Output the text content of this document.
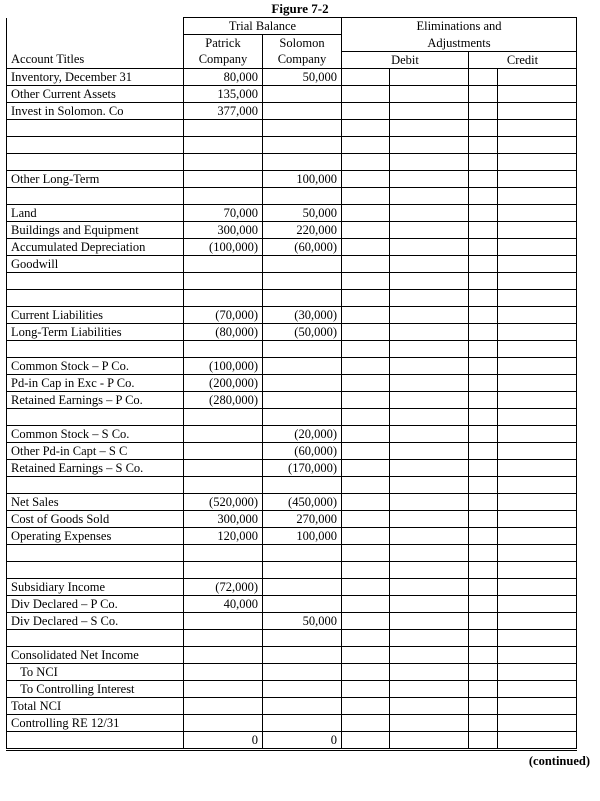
Figure 7-2
	Trial Balance		Eliminations and			
	Patrick	Solomon	Adjustments			
Account Titles	Company	Company	Debit		Credit	
Inventory, December 31	80,000	50,000				
Other Current Assets	135,000					
Invest in Solomon. Co	377,000					

Other Long-Term		100,000				

Land	70,000	50,000				
Buildings and Equipment	300,000	220,000				
Accumulated Depreciation	(100,000)	(60,000)				
Goodwill						

Current Liabilities	(70,000)	(30,000)				
Long-Term Liabilities	(80,000)	(50,000)				

Common Stock – P Co.	(100,000)					
Pd-in Cap in Exc - P Co.	(200,000)					
Retained Earnings – P Co.	(280,000)					

Common Stock – S Co.		(20,000)				
Other Pd-in Capt – S C		(60,000)				
Retained Earnings – S Co.		(170,000)				

Net Sales	(520,000)	(450,000)				
Cost of Goods Sold	300,000	270,000				
Operating Expenses	120,000	100,000				

Subsidiary Income	(72,000)					
Div Declared – P Co.	40,000					
Div Declared – S Co.		50,000				

Consolidated Net Income						
To NCI						
To Controlling Interest						
Total NCI						
Controlling RE 12/31						
	0	0				
(continued)
